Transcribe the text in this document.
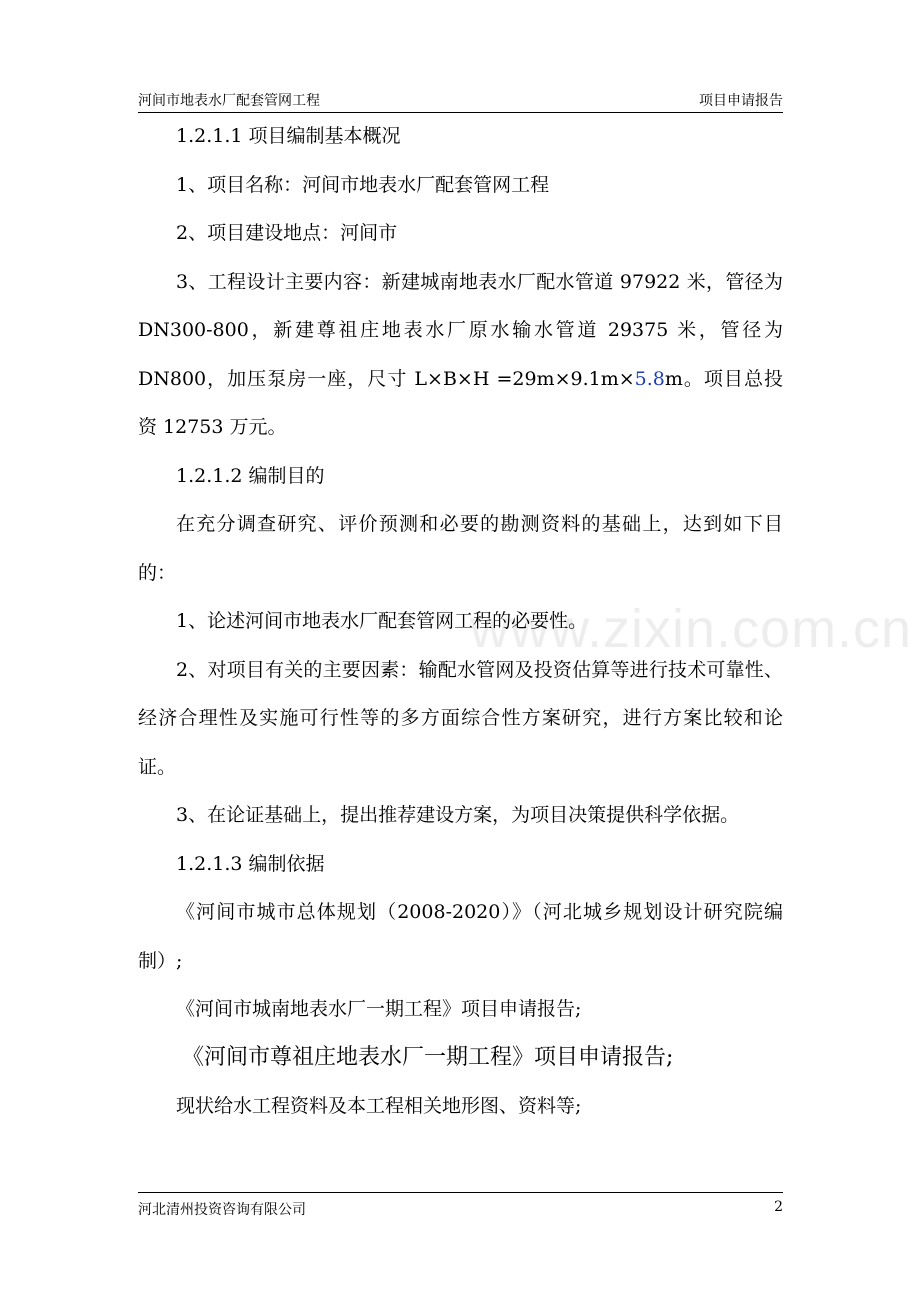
河间市地表水厂配套管网工程	项目申请报告

1.2.1.1 项目编制基本概况

1、项目名称：河间市地表水厂配套管网工程

2、项目建设地点：河间市

3、工程设计主要内容：新建城南地表水厂配水管道 97922 米，管径为 DN300-800，新建尊祖庄地表水厂原水输水管道 29375 米，管径为 DN800，加压泵房一座，尺寸 L×B×H =29m×9.1m×5.8m。项目总投资 12753 万元。

1.2.1.2 编制目的

在充分调查研究、评价预测和必要的勘测资料的基础上，达到如下目的：

1、论述河间市地表水厂配套管网工程的必要性。

2、对项目有关的主要因素：输配水管网及投资估算等进行技术可靠性、经济合理性及实施可行性等的多方面综合性方案研究，进行方案比较和论证。

3、在论证基础上，提出推荐建设方案，为项目决策提供科学依据。

1.2.1.3 编制依据

《河间市城市总体规划（2008-2020）》（河北城乡规划设计研究院编制）;

《河间市城南地表水厂一期工程》项目申请报告;

《河间市尊祖庄地表水厂一期工程》项目申请报告;

现状给水工程资料及本工程相关地形图、资料等;

www.zixin.com.cn
河北清州投资咨询有限公司	2
